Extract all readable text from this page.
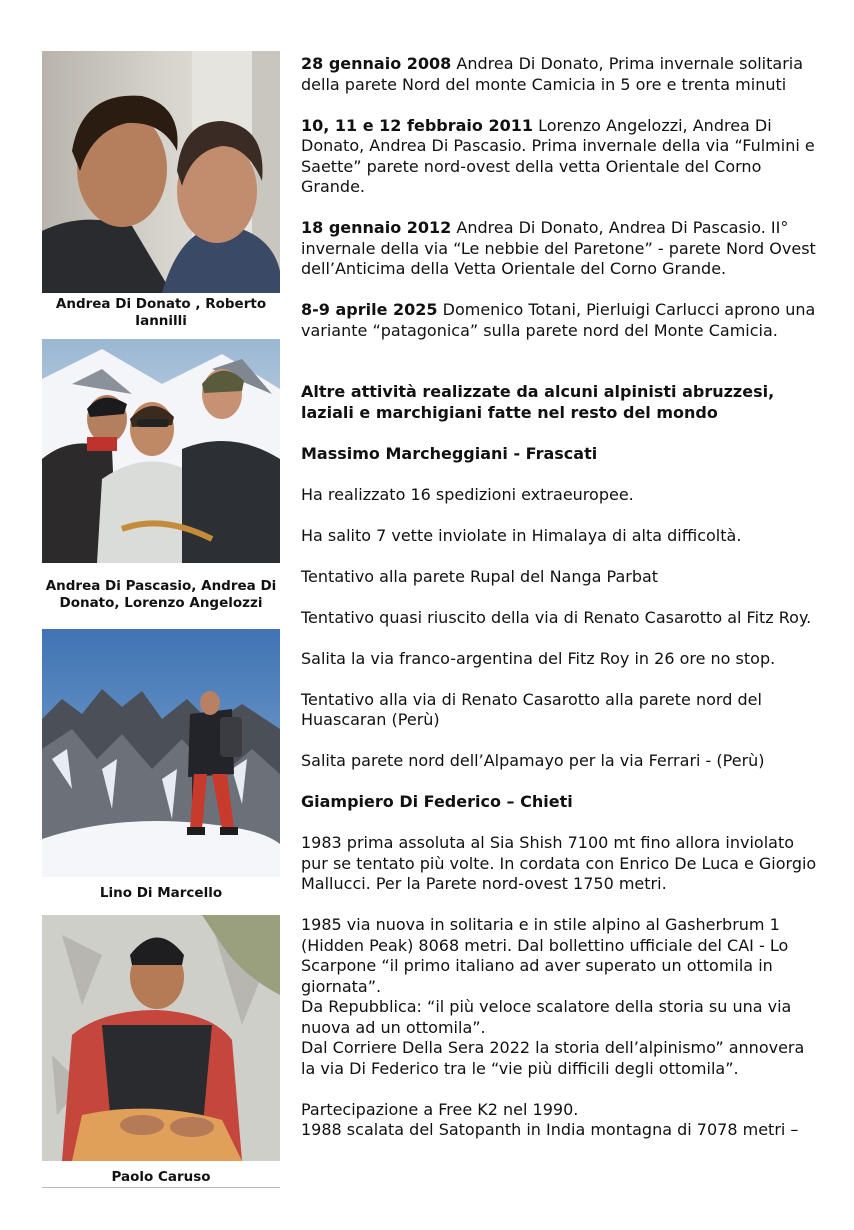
Andrea Di Donato , Roberto Iannilli
Andrea Di Pascasio, Andrea Di Donato, Lorenzo Angelozzi
Lino Di Marcello
Paolo Caruso

28 gennaio 2008 Andrea Di Donato, Prima invernale solitaria della parete Nord del monte Camicia in 5 ore e trenta minuti

10, 11 e 12 febbraio 2011 Lorenzo Angelozzi, Andrea Di Donato, Andrea Di Pascasio. Prima invernale della via “Fulmini e Saette” parete nord-ovest della vetta Orientale del Corno Grande.

18 gennaio 2012 Andrea Di Donato, Andrea Di Pascasio. II° invernale della via “Le nebbie del Paretone” - parete Nord Ovest dell’Anticima della Vetta Orientale del Corno Grande.

8-9 aprile 2025 Domenico Totani, Pierluigi Carlucci aprono una variante “patagonica” sulla parete nord del Monte Camicia.

Altre attività realizzate da alcuni alpinisti abruzzesi, laziali e marchigiani fatte nel resto del mondo

Massimo Marcheggiani - Frascati

Ha realizzato 16 spedizioni extraeuropee.

Ha salito 7 vette inviolate in Himalaya di alta difficoltà.

Tentativo alla parete Rupal del Nanga Parbat

Tentativo quasi riuscito della via di Renato Casarotto al Fitz Roy.

Salita la via franco-argentina del Fitz Roy in 26 ore no stop.

Tentativo alla via di Renato Casarotto alla parete nord del Huascaran (Perù)

Salita parete nord dell’Alpamayo per la via Ferrari - (Perù)

Giampiero Di Federico – Chieti

1983 prima assoluta al Sia Shish 7100 mt fino allora inviolato pur se tentato più volte. In cordata con Enrico De Luca e Giorgio Mallucci. Per la Parete nord-ovest 1750 metri.

1985 via nuova in solitaria e in stile alpino al Gasherbrum 1 (Hidden Peak) 8068 metri. Dal bollettino ufficiale del CAI - Lo Scarpone “il primo italiano ad aver superato un ottomila in giornata”.

Da Repubblica: “il più veloce scalatore della storia su una via nuova ad un ottomila”.

Dal Corriere Della Sera 2022 la storia dell’alpinismo” annovera la via Di Federico tra le “vie più difficili degli ottomila”.

Partecipazione a Free K2 nel 1990.

1988 scalata del Satopanth in India montagna di 7078 metri –
